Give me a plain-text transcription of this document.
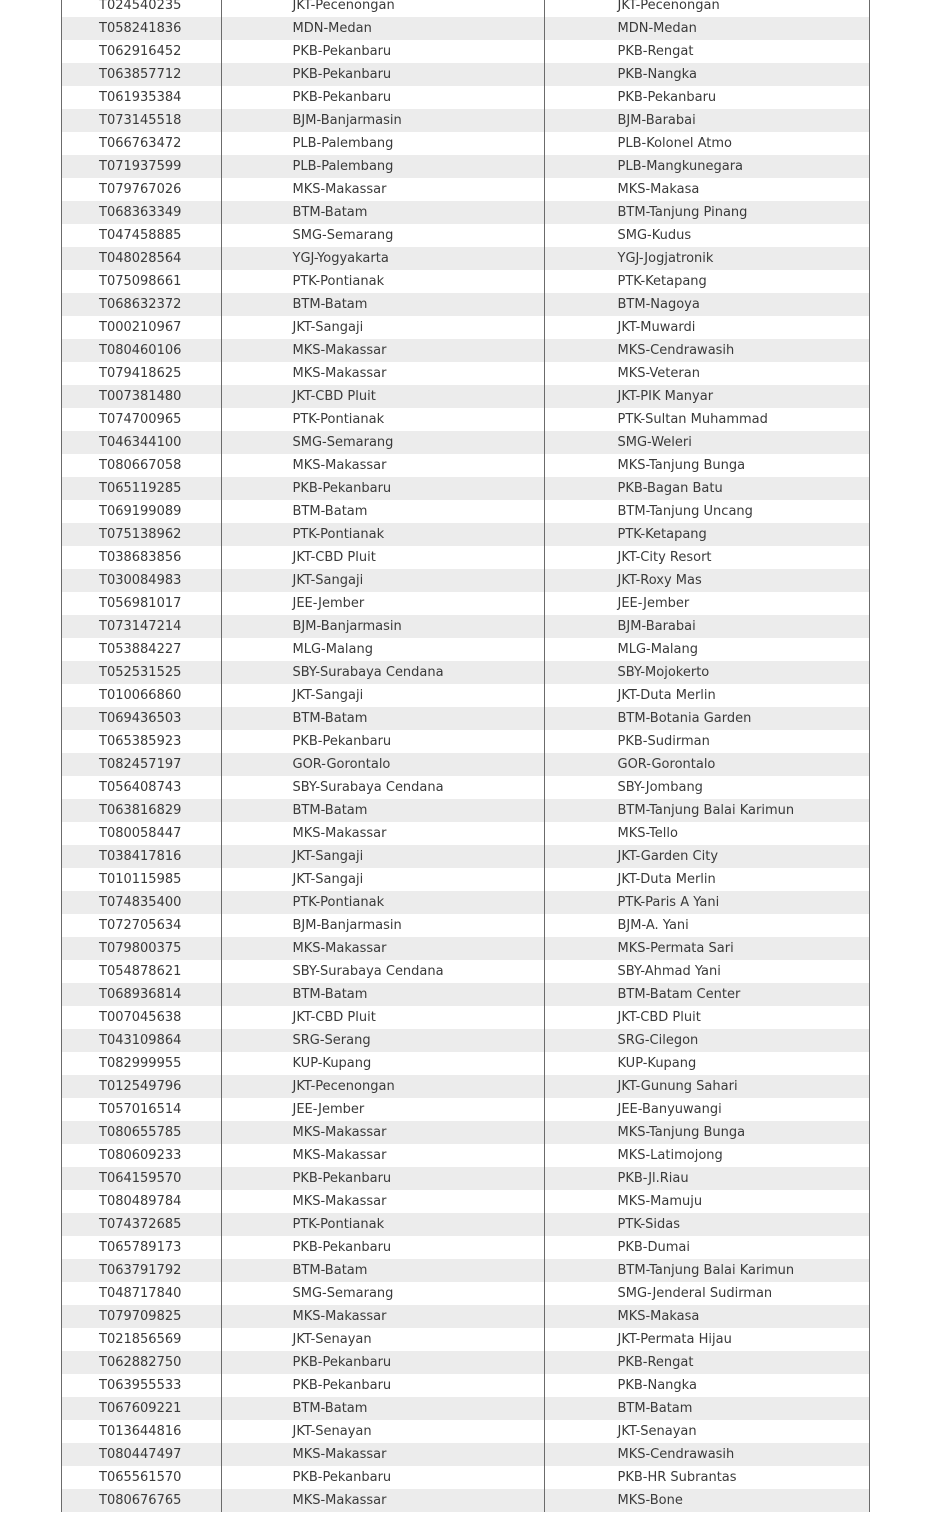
T024540235	JKT-Pecenongan	JKT-Pecenongan
T058241836	MDN-Medan	MDN-Medan
T062916452	PKB-Pekanbaru	PKB-Rengat
T063857712	PKB-Pekanbaru	PKB-Nangka
T061935384	PKB-Pekanbaru	PKB-Pekanbaru
T073145518	BJM-Banjarmasin	BJM-Barabai
T066763472	PLB-Palembang	PLB-Kolonel Atmo
T071937599	PLB-Palembang	PLB-Mangkunegara
T079767026	MKS-Makassar	MKS-Makasa
T068363349	BTM-Batam	BTM-Tanjung Pinang
T047458885	SMG-Semarang	SMG-Kudus
T048028564	YGJ-Yogyakarta	YGJ-Jogjatronik
T075098661	PTK-Pontianak	PTK-Ketapang
T068632372	BTM-Batam	BTM-Nagoya
T000210967	JKT-Sangaji	JKT-Muwardi
T080460106	MKS-Makassar	MKS-Cendrawasih
T079418625	MKS-Makassar	MKS-Veteran
T007381480	JKT-CBD Pluit	JKT-PIK Manyar
T074700965	PTK-Pontianak	PTK-Sultan Muhammad
T046344100	SMG-Semarang	SMG-Weleri
T080667058	MKS-Makassar	MKS-Tanjung Bunga
T065119285	PKB-Pekanbaru	PKB-Bagan Batu
T069199089	BTM-Batam	BTM-Tanjung Uncang
T075138962	PTK-Pontianak	PTK-Ketapang
T038683856	JKT-CBD Pluit	JKT-City Resort
T030084983	JKT-Sangaji	JKT-Roxy Mas
T056981017	JEE-Jember	JEE-Jember
T073147214	BJM-Banjarmasin	BJM-Barabai
T053884227	MLG-Malang	MLG-Malang
T052531525	SBY-Surabaya Cendana	SBY-Mojokerto
T010066860	JKT-Sangaji	JKT-Duta Merlin
T069436503	BTM-Batam	BTM-Botania Garden
T065385923	PKB-Pekanbaru	PKB-Sudirman
T082457197	GOR-Gorontalo	GOR-Gorontalo
T056408743	SBY-Surabaya Cendana	SBY-Jombang
T063816829	BTM-Batam	BTM-Tanjung Balai Karimun
T080058447	MKS-Makassar	MKS-Tello
T038417816	JKT-Sangaji	JKT-Garden City
T010115985	JKT-Sangaji	JKT-Duta Merlin
T074835400	PTK-Pontianak	PTK-Paris A Yani
T072705634	BJM-Banjarmasin	BJM-A. Yani
T079800375	MKS-Makassar	MKS-Permata Sari
T054878621	SBY-Surabaya Cendana	SBY-Ahmad Yani
T068936814	BTM-Batam	BTM-Batam Center
T007045638	JKT-CBD Pluit	JKT-CBD Pluit
T043109864	SRG-Serang	SRG-Cilegon
T082999955	KUP-Kupang	KUP-Kupang
T012549796	JKT-Pecenongan	JKT-Gunung Sahari
T057016514	JEE-Jember	JEE-Banyuwangi
T080655785	MKS-Makassar	MKS-Tanjung Bunga
T080609233	MKS-Makassar	MKS-Latimojong
T064159570	PKB-Pekanbaru	PKB-Jl.Riau
T080489784	MKS-Makassar	MKS-Mamuju
T074372685	PTK-Pontianak	PTK-Sidas
T065789173	PKB-Pekanbaru	PKB-Dumai
T063791792	BTM-Batam	BTM-Tanjung Balai Karimun
T048717840	SMG-Semarang	SMG-Jenderal Sudirman
T079709825	MKS-Makassar	MKS-Makasa
T021856569	JKT-Senayan	JKT-Permata Hijau
T062882750	PKB-Pekanbaru	PKB-Rengat
T063955533	PKB-Pekanbaru	PKB-Nangka
T067609221	BTM-Batam	BTM-Batam
T013644816	JKT-Senayan	JKT-Senayan
T080447497	MKS-Makassar	MKS-Cendrawasih
T065561570	PKB-Pekanbaru	PKB-HR Subrantas
T080676765	MKS-Makassar	MKS-Bone
